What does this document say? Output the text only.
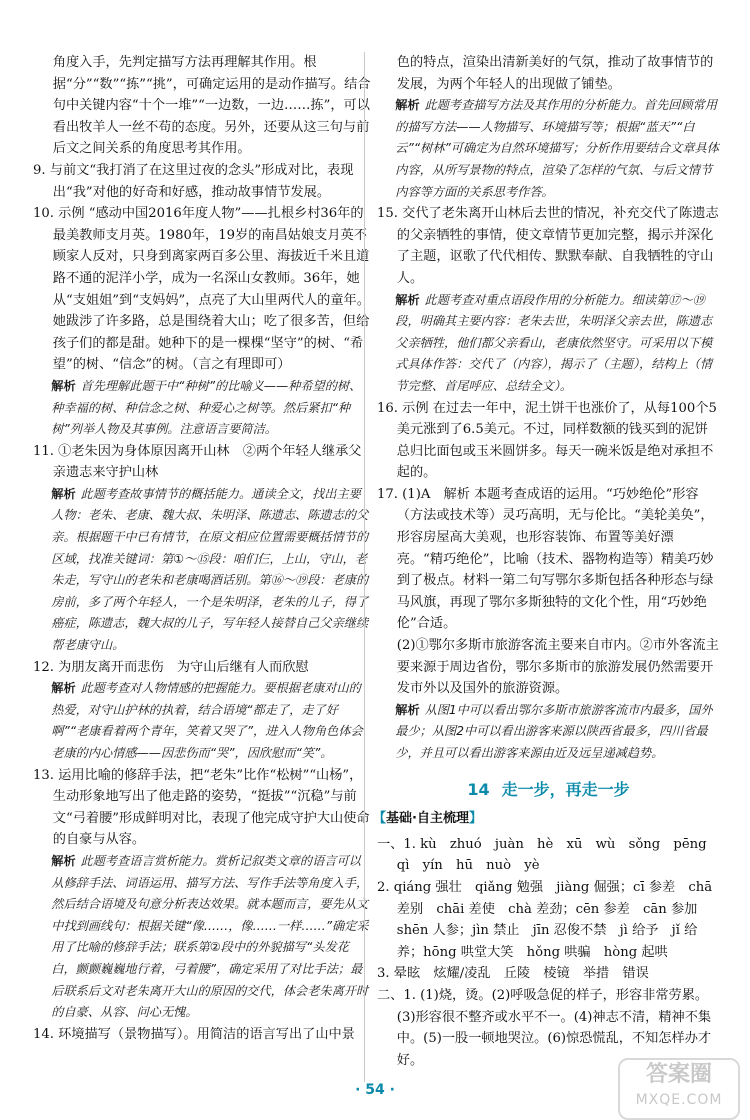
角度入手，先判定描写方法再理解其作用。根据“分”“数”“拣”“挑”，可确定运用的是动作描写。结合句中关键内容“十个一堆”“一边数，一边……拣”，可以看出牧羊人一丝不苟的态度。另外，还要从这三句与前后文之间关系的角度思考其作用。

9. 与前文“我打消了在这里过夜的念头”形成对比，表现出“我”对他的好奇和好感，推动故事情节发展。

10. 示例 “感动中国2016年度人物”——扎根乡村36年的最美教师支月英。1980年，19岁的南昌姑娘支月英不顾家人反对，只身到离家两百多公里、海拔近千米且道路不通的泥洋小学，成为一名深山女教师。36年，她从“支姐姐”到“支妈妈”，点亮了大山里两代人的童年。她跋涉了许多路，总是围绕着大山；吃了很多苦，但给孩子们的都是甜。她种下的是一棵棵“坚守”的树、“希望”的树、“信念”的树。（言之有理即可）

解析 首先理解此题干中“种树”的比喻义——种希望的树、种幸福的树、种信念之树、种爱心之树等。然后紧扣“种树”列举人物及其事例。注意语言要简洁。

11. ①老朱因为身体原因离开山林　②两个年轻人继承父亲遗志来守护山林

解析 此题考查故事情节的概括能力。通读全文，找出主要人物：老朱、老康、魏大叔、朱明泽、陈遗志、陈遗志的父亲。根据题干中已有情节，在原文相应位置需要概括情节的区域，找准关键词：第①～⑮段：咱们仨，上山，守山，老朱走，写守山的老朱和老康喝酒话别。第⑯～⑲段：老康的房前，多了两个年轻人，一个是朱明泽，老朱的儿子，得了癌症，陈遗志，魏大叔的儿子，写年轻人接替自己父亲继续帮老康守山。

12. 为朋友离开而悲伤　为守山后继有人而欣慰

解析 此题考查对人物情感的把握能力。要根据老康对山的热爱，对守山护林的执着，结合语境“都走了，走了好啊”“老康看着两个青年，笑着又哭了”，进入人物角色体会老康的内心情感——因悲伤而“哭”，因欣慰而“笑”。

13. 运用比喻的修辞手法，把“老朱”比作“松树”“山杨”，生动形象地写出了他走路的姿势，“挺拔”“沉稳”与前文“弓着腰”形成鲜明对比，表现了他完成守护大山使命的自豪与从容。

解析 此题考查语言赏析能力。赏析记叙类文章的语言可以从修辞手法、词语运用、描写方法、写作手法等角度入手，然后结合语境及句意分析表达效果。就本题而言，要先从文中找到画线句：根据关键“像……，像……一样……”确定采用了比喻的修辞手法；联系第②段中的外貌描写“头发花白，颤颤巍巍地行着，弓着腰”，确定采用了对比手法；最后联系后文对老朱离开大山的原因的交代，体会老朱离开时的自豪、从容、问心无愧。

14. 环境描写（景物描写）。用简洁的语言写出了山中景

色的特点，渲染出清新美好的气氛，推动了故事情节的发展，为两个年轻人的出现做了铺垫。

解析 此题考查描写方法及其作用的分析能力。首先回顾常用的描写方法——人物描写、环境描写等；根据“蓝天”“白云”“树林”可确定为自然环境描写；分析作用要结合文章具体内容，从所写景物的特点，渲染了怎样的气氛、与后文情节内容等方面的关系思考作答。

15. 交代了老朱离开山林后去世的情况，补充交代了陈遗志的父亲牺牲的事情，使文章情节更加完整，揭示并深化了主题，讴歌了代代相传、默默奉献、自我牺牲的守山人。

解析 此题考查对重点语段作用的分析能力。细读第⑰～⑲段，明确其主要内容：老朱去世，朱明泽父亲去世，陈遗志父亲牺牲，他们都父亲看山，老康依然坚守。可采用以下模式具体作答：交代了（内容），揭示了（主题），结构上（情节完整、首尾呼应、总结全文）。

16. 示例 在过去一年中，泥土饼干也涨价了，从每100个5美元涨到了6.5美元。不过，同样数额的钱买到的泥饼总归比面包或玉米圆饼多。每天一碗米饭是绝对承担不起的。

17. (1)A　解析 本题考查成语的运用。“巧妙绝伦”形容（方法或技术等）灵巧高明，无与伦比。“美轮美奂”，形容房屋高大美观，也形容装饰、布置等美好漂亮。“精巧绝伦”，比喻（技术、器物构造等）精美巧妙到了极点。材料一第二句写鄂尔多斯包括各种形态与绿马风旗，再现了鄂尔多斯独特的文化个性，用“巧妙绝伦”合适。

(2)①鄂尔多斯市旅游客流主要来自市内。②市外客流主要来源于周边省份，鄂尔多斯市的旅游发展仍然需要开发市外以及国外的旅游资源。

解析 从图1中可以看出鄂尔多斯市旅游客流市内最多，国外最少；从图2中可以看出游客来源以陕西省最多，四川省最少，并且可以看出游客来源由近及远呈递减趋势。

14 走一步，再走一步
【基础·自主梳理】

一、1. kù　zhuó　juàn　hè　xū　wù　sǒng　pēng　qì　yín　hū　nuò　yè

2. qiáng 强壮　qiǎng 勉强　jiàng 倔强；cī 参差　chā 差别　chāi 差使　chà 差劲；cēn 参差　cān 参加　shēn 人参；jìn 禁止　jīn 忍俊不禁　jì 给予　jǐ 给养；hōng 哄堂大笑　hǒng 哄骗　hòng 起哄

3. 晕眩　炫耀/凌乱　丘陵　棱镜　举措　错误

二、1. (1)烧，烫。(2)呼吸急促的样子，形容非常劳累。(3)形容很不整齐或水平不一。(4)神志不清，精神不集中。(5)一股一顿地哭泣。(6)惊恐慌乱，不知怎样办才好。

· 54 ·
答案圈
MXQE.COM
